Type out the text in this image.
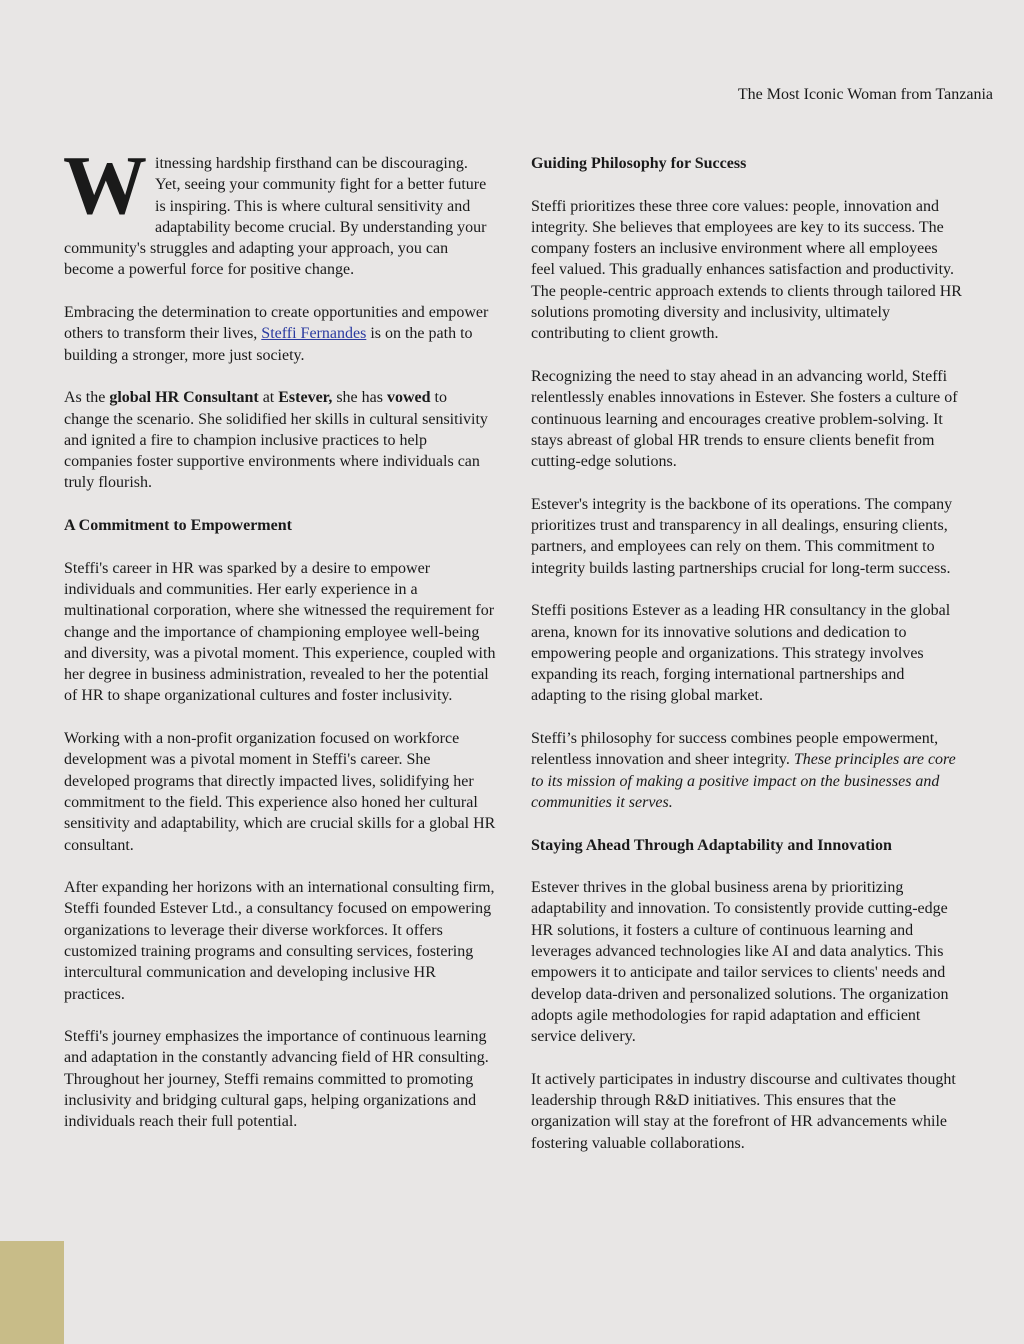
The Most Iconic Woman from Tanzania

Witnessing hardship firsthand can be discouraging. Yet, seeing your community fight for a better future is inspiring. This is where cultural sensitivity and adaptability become crucial. By understanding your community's struggles and adapting your approach, you can become a powerful force for positive change.

Embracing the determination to create opportunities and empower others to transform their lives, Steffi Fernandes is on the path to building a stronger, more just society.

As the global HR Consultant at Estever, she has vowed to change the scenario. She solidified her skills in cultural sensitivity and ignited a fire to champion inclusive practices to help companies foster supportive environments where individuals can truly flourish.

A Commitment to Empowerment

Steffi's career in HR was sparked by a desire to empower individuals and communities. Her early experience in a multinational corporation, where she witnessed the requirement for change and the importance of championing employee well-being and diversity, was a pivotal moment. This experience, coupled with her degree in business administration, revealed to her the potential of HR to shape organizational cultures and foster inclusivity.

Working with a non-profit organization focused on workforce development was a pivotal moment in Steffi's career. She developed programs that directly impacted lives, solidifying her commitment to the field. This experience also honed her cultural sensitivity and adaptability, which are crucial skills for a global HR consultant.

After expanding her horizons with an international consulting firm, Steffi founded Estever Ltd., a consultancy focused on empowering organizations to leverage their diverse workforces. It offers customized training programs and consulting services, fostering intercultural communication and developing inclusive HR practices.

Steffi's journey emphasizes the importance of continuous learning and adaptation in the constantly advancing field of HR consulting. Throughout her journey, Steffi remains committed to promoting inclusivity and bridging cultural gaps, helping organizations and individuals reach their full potential.

Guiding Philosophy for Success

Steffi prioritizes these three core values: people, innovation and integrity. She believes that employees are key to its success. The company fosters an inclusive environment where all employees feel valued. This gradually enhances satisfaction and productivity. The people-centric approach extends to clients through tailored HR solutions promoting diversity and inclusivity, ultimately contributing to client growth.

Recognizing the need to stay ahead in an advancing world, Steffi relentlessly enables innovations in Estever. She fosters a culture of continuous learning and encourages creative problem-solving. It stays abreast of global HR trends to ensure clients benefit from cutting-edge solutions.

Estever's integrity is the backbone of its operations. The company prioritizes trust and transparency in all dealings, ensuring clients, partners, and employees can rely on them. This commitment to integrity builds lasting partnerships crucial for long-term success.

Steffi positions Estever as a leading HR consultancy in the global arena, known for its innovative solutions and dedication to empowering people and organizations. This strategy involves expanding its reach, forging international partnerships and adapting to the rising global market.

Steffi’s philosophy for success combines people empowerment, relentless innovation and sheer integrity. These principles are core to its mission of making a positive impact on the businesses and communities it serves.

Staying Ahead Through Adaptability and Innovation

Estever thrives in the global business arena by prioritizing adaptability and innovation. To consistently provide cutting-edge HR solutions, it fosters a culture of continuous learning and leverages advanced technologies like AI and data analytics. This empowers it to anticipate and tailor services to clients' needs and develop data-driven and personalized solutions. The organization adopts agile methodologies for rapid adaptation and efficient service delivery.

It actively participates in industry discourse and cultivates thought leadership through R&D initiatives. This ensures that the organization will stay at the forefront of HR advancements while fostering valuable collaborations.
